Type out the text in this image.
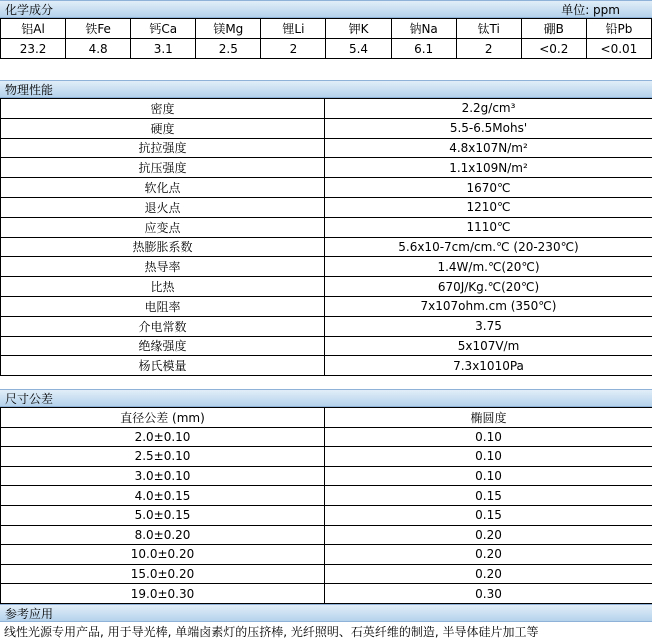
化学成分	单位: ppm
铝Al	铁Fe	钙Ca	镁Mg	锂Li	钾K	钠Na	钛Ti	硼B	铅Pb
23.2	4.8	3.1	2.5	2	5.4	6.1	2	<0.2	<0.01
物理性能
密度	2.2g/cm³
硬度	5.5-6.5Mohs'
抗拉强度	4.8x107N/m²
抗压强度	1.1x109N/m²
软化点	1670℃
退火点	1210℃
应变点	1110℃
热膨胀系数	5.6x10-7cm/cm.℃ (20-230℃)
热导率	1.4W/m.℃(20℃)
比热	670J/Kg.℃(20℃)
电阻率	7x107ohm.cm (350℃)
介电常数	3.75
绝缘强度	5x107V/m
杨氏模量	7.3x1010Pa
尺寸公差
直径公差 (mm)	椭圆度
2.0±0.10	0.10
2.5±0.10	0.10
3.0±0.10	0.10
4.0±0.15	0.15
5.0±0.15	0.15
8.0±0.20	0.20
10.0±0.20	0.20
15.0±0.20	0.20
19.0±0.30	0.30
参考应用
线性光源专用产品, 用于导光棒, 单端卤素灯的压挤棒, 光纤照明、石英纤维的制造, 半导体硅片加工等
